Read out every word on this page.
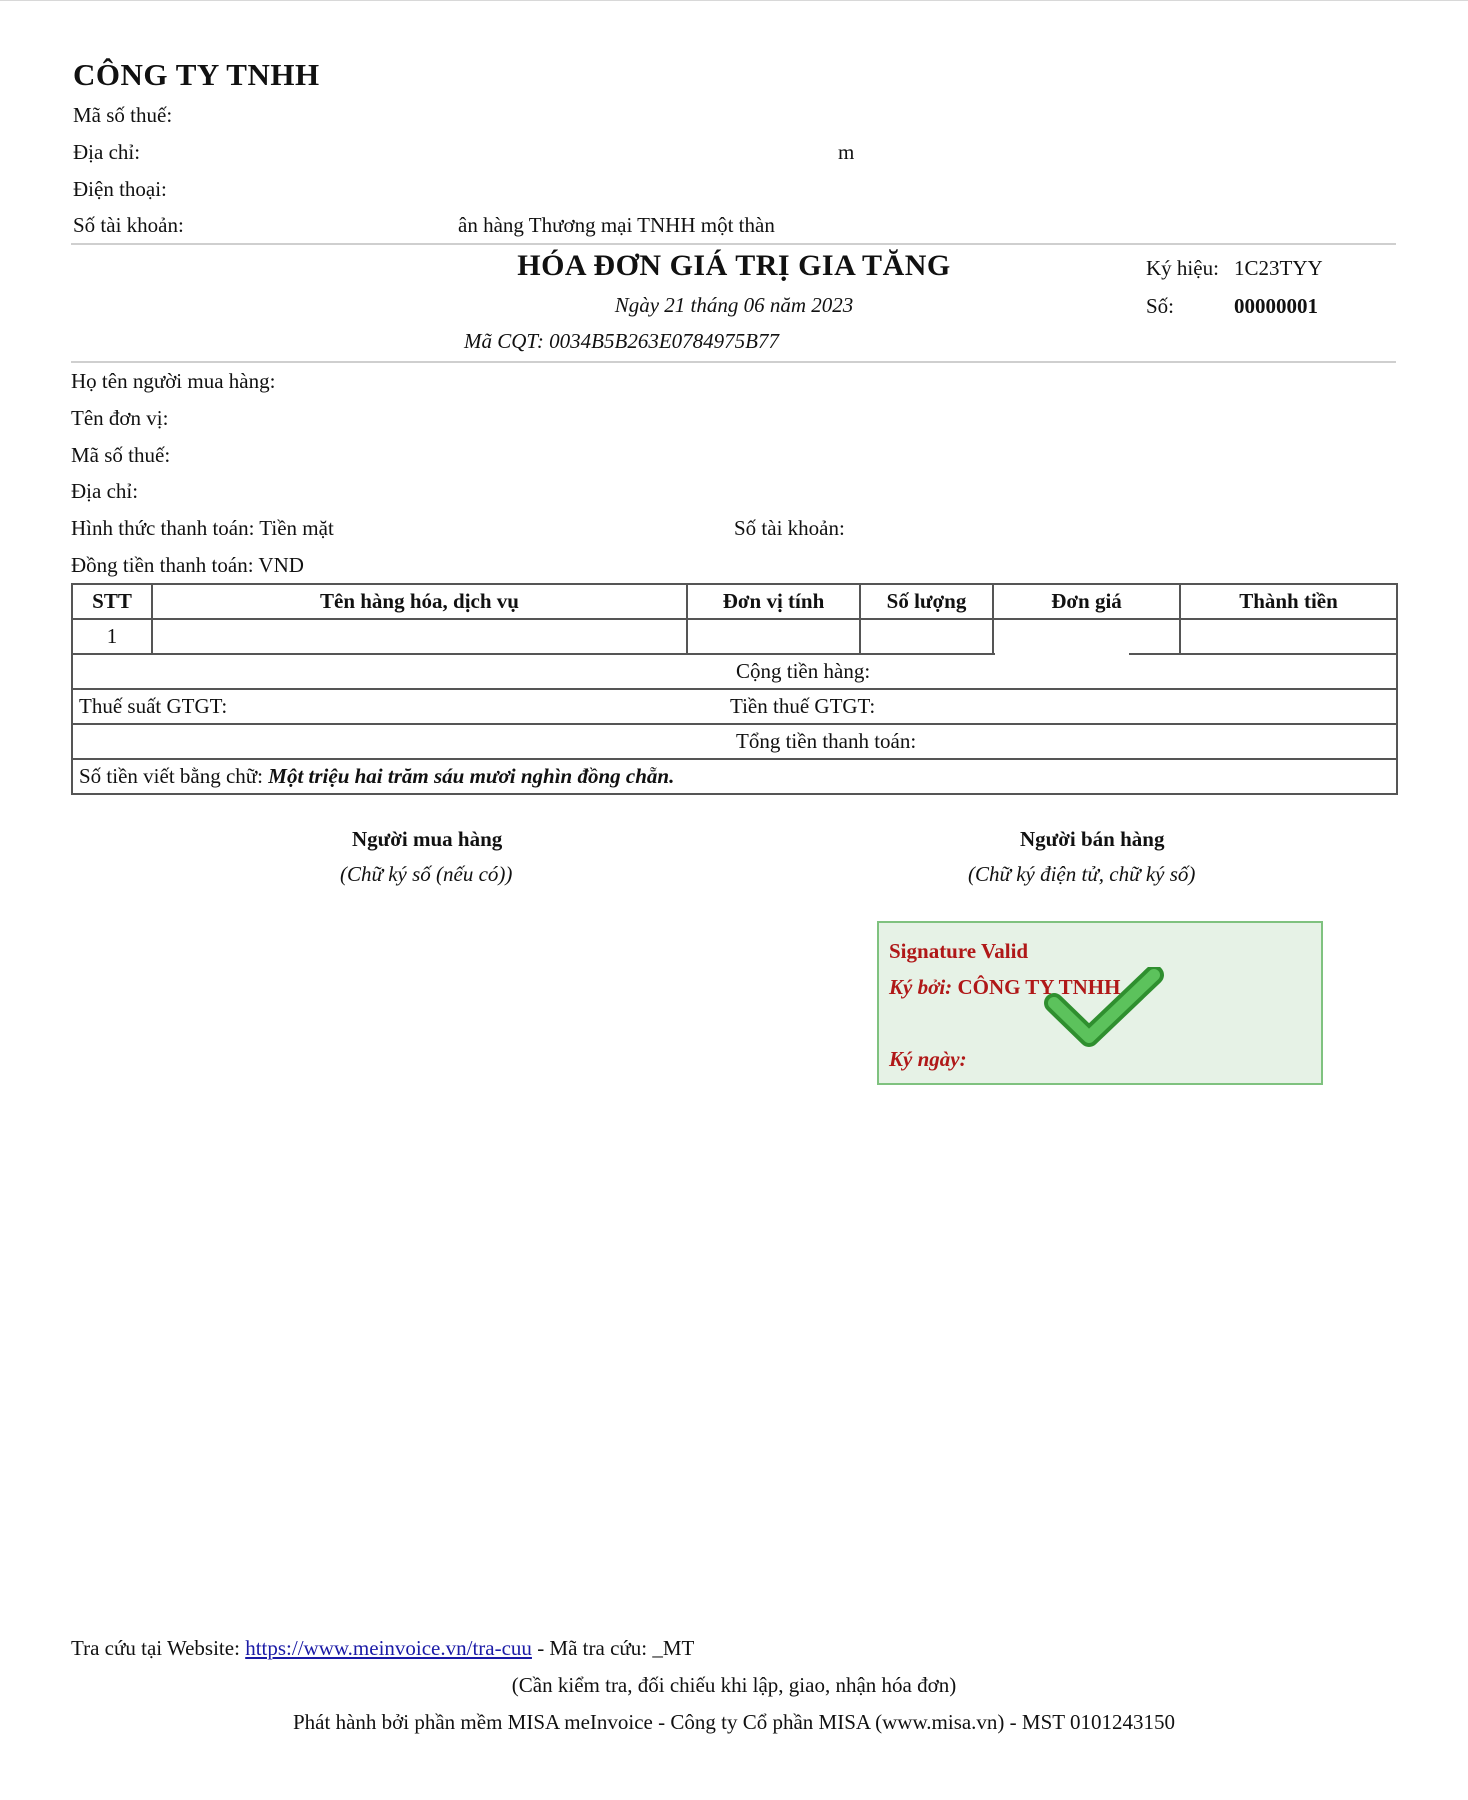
CÔNG TY TNHH
Mã số thuế:
Địa chỉ:	m
Điện thoại:
Số tài khoản:	ân hàng Thương mại TNHH một thàn
HÓA ĐƠN GIÁ TRỊ GIA TĂNG
Ngày 21 tháng 06 năm 2023
Mã CQT: 0034B5B263E0784975B77
Ký hiệu: 1C23TYY
Số:	00000001
Họ tên người mua hàng:
Tên đơn vị:
Mã số thuế:
Địa chỉ:
Hình thức thanh toán: Tiền mặt	Số tài khoản:
Đồng tiền thanh toán: VND
STT	Tên hàng hóa, dịch vụ	Đơn vị tính	Số lượng	Đơn giá	Thành tiền
1					
Cộng tiền hàng:					
Thuế suất GTGT:		Tiền thuế GTGT:			
Tổng tiền thanh toán:					
Số tiền viết bằng chữ: Một triệu hai trăm sáu mươi nghìn đồng chẵn.					
Người mua hàng
(Chữ ký số (nếu có))
Người bán hàng
(Chữ ký điện tử, chữ ký số)
Signature Valid
Ký bởi: CÔNG TY TNHH
Ký ngày:
Tra cứu tại Website: https://www.meinvoice.vn/tra-cuu - Mã tra cứu: _MT
(Cần kiểm tra, đối chiếu khi lập, giao, nhận hóa đơn)
Phát hành bởi phần mềm MISA meInvoice - Công ty Cổ phần MISA (www.misa.vn) - MST 0101243150
